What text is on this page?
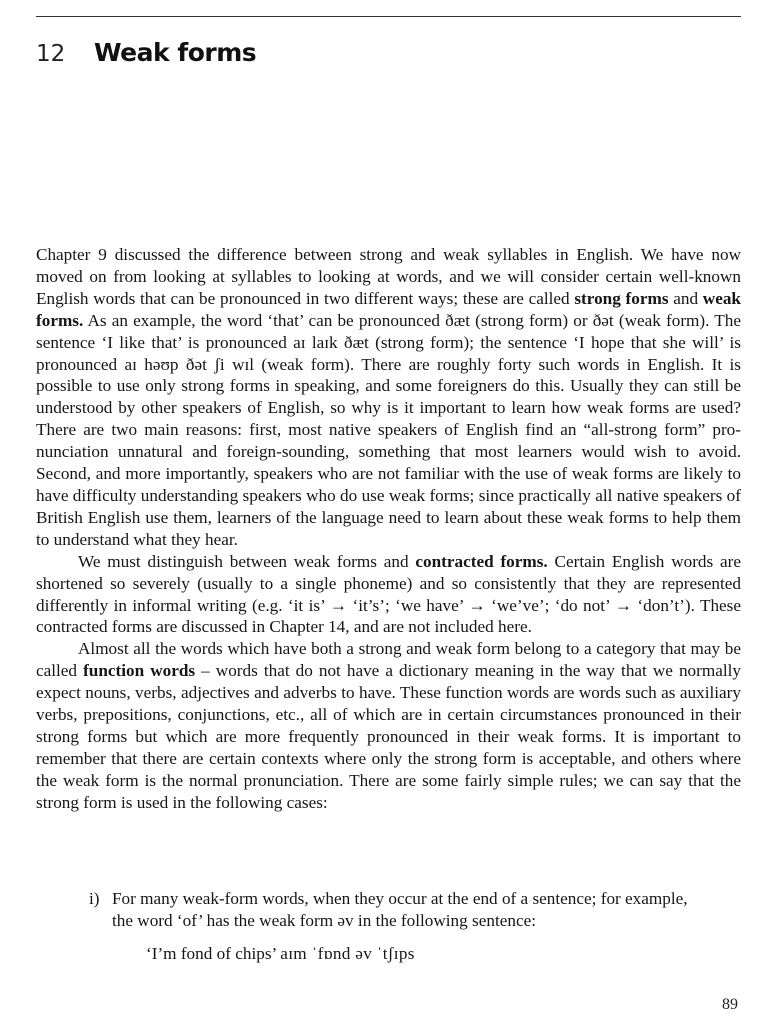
12 Weak forms

Chapter 9 discussed the difference between strong and weak syllables in English. We have now moved on from looking at syllables to looking at words, and we will consider certain well-known English words that can be pronounced in two different ways; these are called strong forms and weak forms. As an example, the word ‘that’ can be pronounced ðæt (strong form) or ðət (weak form). The sentence ‘I like that’ is pronounced aɪ laɪk ðæt (strong form); the sentence ‘I hope that she will’ is pronounced aɪ həʊp ðət ʃi wɪl (weak form). There are roughly forty such words in English. It is possible to use only strong forms in speaking, and some foreigners do this. Usually they can still be understood by other speakers of English, so why is it important to learn how weak forms are used? There are two main reasons: first, most native speakers of English find an “all-strong form” pro-nunciation unnatural and foreign-sounding, something that most learners would wish to avoid. Second, and more importantly, speakers who are not familiar with the use of weak forms are likely to have difficulty understanding speakers who do use weak forms; since practically all native speakers of British English use them, learners of the language need to learn about these weak forms to help them to understand what they hear.

We must distinguish between weak forms and contracted forms. Certain English words are shortened so severely (usually to a single phoneme) and so consistently that they are represented differently in informal writing (e.g. ‘it is’ → ‘it’s’; ‘we have’ → ‘we’ve’; ‘do not’ → ‘don’t’). These contracted forms are discussed in Chapter 14, and are not included here.

Almost all the words which have both a strong and weak form belong to a category that may be called function words – words that do not have a dictionary meaning in the way that we normally expect nouns, verbs, adjectives and adverbs to have. These function words are words such as auxiliary verbs, prepositions, conjunctions, etc., all of which are in certain circumstances pronounced in their strong forms but which are more frequently pronounced in their weak forms. It is important to remember that there are certain contexts where only the strong form is acceptable, and others where the weak form is the normal pronunciation. There are some fairly simple rules; we can say that the strong form is used in the following cases:

i) For many weak-form words, when they occur at the end of a sentence; for example, the word ‘of’ has the weak form əv in the following sentence:
‘I’m fond of chips’ aɪm ˈfɒnd əv ˈtʃɪps
89
